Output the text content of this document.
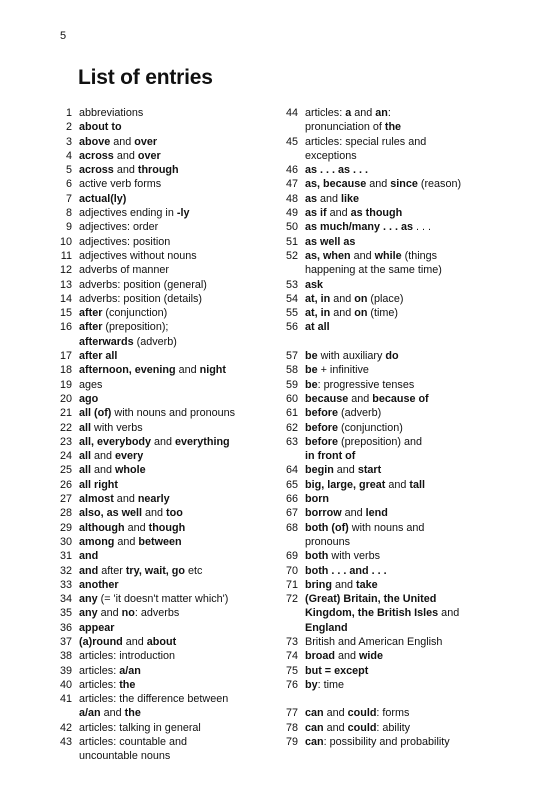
5
List of entries
1 abbreviations
2 about to
3 above and over
4 across and over
5 across and through
6 active verb forms
7 actual(ly)
8 adjectives ending in -ly
9 adjectives: order
10 adjectives: position
11 adjectives without nouns
12 adverbs of manner
13 adverbs: position (general)
14 adverbs: position (details)
15 after (conjunction)
16 after (preposition);
afterwards (adverb)
17 after all
18 afternoon, evening and night
19 ages
20 ago
21 all (of) with nouns and pronouns
22 all with verbs
23 all, everybody and everything
24 all and every
25 all and whole
26 all right
27 almost and nearly
28 also, as well and too
29 although and though
30 among and between
31 and
32 and after try, wait, go etc
33 another
34 any (= 'it doesn't matter which')
35 any and no: adverbs
36 appear
37 (a)round and about
38 articles: introduction
39 articles: a/an
40 articles: the
41 articles: the difference between
a/an and the
42 articles: talking in general
43 articles: countable and
uncountable nouns
44 articles: a and an:
pronunciation of the
45 articles: special rules and
exceptions
46 as . . . as . . .
47 as, because and since (reason)
48 as and like
49 as if and as though
50 as much/many . . . as . . .
51 as well as
52 as, when and while (things
happening at the same time)
53 ask
54 at, in and on (place)
55 at, in and on (time)
56 at all
57 be with auxiliary do
58 be + infinitive
59 be: progressive tenses
60 because and because of
61 before (adverb)
62 before (conjunction)
63 before (preposition) and
in front of
64 begin and start
65 big, large, great and tall
66 born
67 borrow and lend
68 both (of) with nouns and
pronouns
69 both with verbs
70 both . . . and . . .
71 bring and take
72 (Great) Britain, the United
Kingdom, the British Isles and
England
73 British and American English
74 broad and wide
75 but = except
76 by: time
77 can and could: forms
78 can and could: ability
79 can: possibility and probability
